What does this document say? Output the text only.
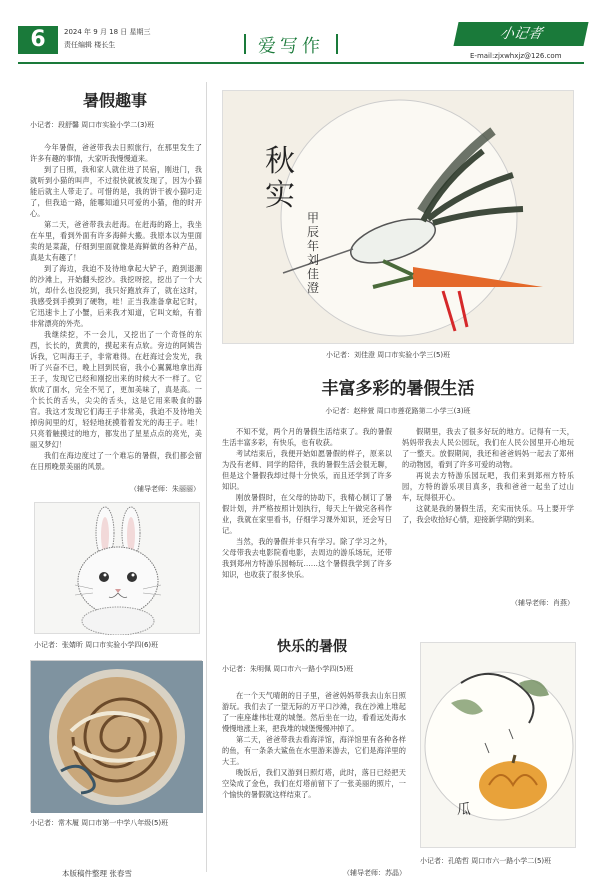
6	2024 年 9 月 18 日 星期三
责任编辑 楼长生	爱写作
小记者
E-mail:zjxwhxjz@126.com
暑假趣事
小记者：段舒馨 周口市实验小学二(3)班

今年暑假，爸爸带我去日照旅行，在那里发生了许多有趣的事情，大家听我慢慢道来。

到了日照，我和家人就住进了民宿，刚进门，我就听到小猫的叫声，不过很快就被发现了，因为小猫能后就主人带走了。可惜的是，我的饼干被小猫叼走了，但我追一路，能哪知道只可爱的小猫，他的时开心。

第二天，爸爸带我去赶海。在赶海的路上，我坐在车里，看到外面有许多海鲜大搬。我原本以为里面卖的是菜蔬，仔细到里面就像是海鲜做的各种产品，真是太有趣了！

到了海边，我迫不及待地拿起大铲子，跑到退潮的沙滩上，开始翻头挖沙。我挖呀挖，挖出了一个大坑，却什么也没挖到，我只好跑放弃了，就在这时，我感受到手摸到了硬物，哇！正当我准备拿起它时，它迅速卡上了小蟹，后来我才知道，它叫文蛤，有着非常漂亮的外壳。

我继续挖，不一会儿，又挖出了一个奇怪的东西，长长的，黄黄的，摸起来有点软。旁边的阿姨告诉我，它叫海王子，非常难得。在赶海过会发光，我听了兴奋不已，晚上回到民宿，我小心翼翼地拿出海王子，发现它已经和刚挖出来的时候大不一样了。它软成了面水，完全不见了，更加美味了，真是高。一个长长的舌头，尖尖的舌头，这是它用来吸食的器官。我这才发现它们海王子非常美，我迫不及待地关掉房间里的灯，轻轻地抚摸着着发光的海王子。哇！只亮着触摸过的地方，都发出了星星点点的亮光，美丽又梦幻！

我们在海边度过了一个难忘的暑假，我们都会留在日照晚景美丽的风景。

（辅导老师：朱丽丽）
小记者：张婧昕 周口市实验小学四(6)班
小记者：常木履 周口市第一中学八年级(5)班
本版稿件整理 张春雪
秋实
甲辰年 刘佳澄
小记者：刘佳澄 周口市实验小学三(5)班
丰富多彩的暑假生活
小记者：赵梓萱 周口市莲花路第二小学三(3)班

不知不觉，两个月的暑假生活结束了。我的暑假生活丰富多彩，有快乐，也有收获。

考试结束后，我便开始如愿暑假的样子，原来以为没有老师、同学的陪伴，我的暑假生活会很无聊，但是这个暑假我却过得十分快乐，而且还学到了许多知识。

刚放暑假时，在父母的协助下，我精心制订了暑假计划，并严格按照计划执行，每天上午做完各科作业，我就在家里看书，仔细学习课外知识，还会写日记。

当然，我的暑假并非只有学习。除了学习之外，父母带我去电影院看电影，去周边的游乐场玩，还带我到郑州方特游乐园畅玩……这个暑假我学到了许多知识，也收获了很多快乐。

假期里，我去了很多好玩的地方。记得有一天，妈妈带我去人民公园玩，我们在人民公园里开心地玩了一整天。放假期间，我还和爸爸妈妈一起去了郑州的动物园，看到了许多可爱的动物。

再说去方特游乐园玩吧，我们来到郑州方特乐园，方特的游乐项目真多，我和爸爸一起坐了过山车，玩得很开心。

这就是我的暑假生活，充实而快乐。马上要开学了，我会收拾好心情，迎接新学期的到来。

（辅导老师：肖燕）
快乐的暑假
小记者：朱明佩 周口市六一路小学四(5)班

在一个天气晴朗的日子里，爸爸妈妈带我去山东日照游玩。我们去了一望无际的万平口沙滩，我在沙滩上堆起了一座座雄伟壮观的城堡。然后坐在一边，看看远处海水慢慢地涨上来，把我堆的城堡慢慢冲掉了。

第二天，爸爸带我去看海洋馆，海洋馆里有各种各样的鱼，有一条条大鲨鱼在水里游来游去，它们是海洋里的大王。

晚饭后，我们又游到日照灯塔，此时，落日已经把天空染成了金色，我们在灯塔前留下了一张美丽的照片，一个愉快的暑假就这样结束了。

（辅导老师：苏晶）
瓜
小记者：孔皓哲 周口市六一路小学二(5)班
